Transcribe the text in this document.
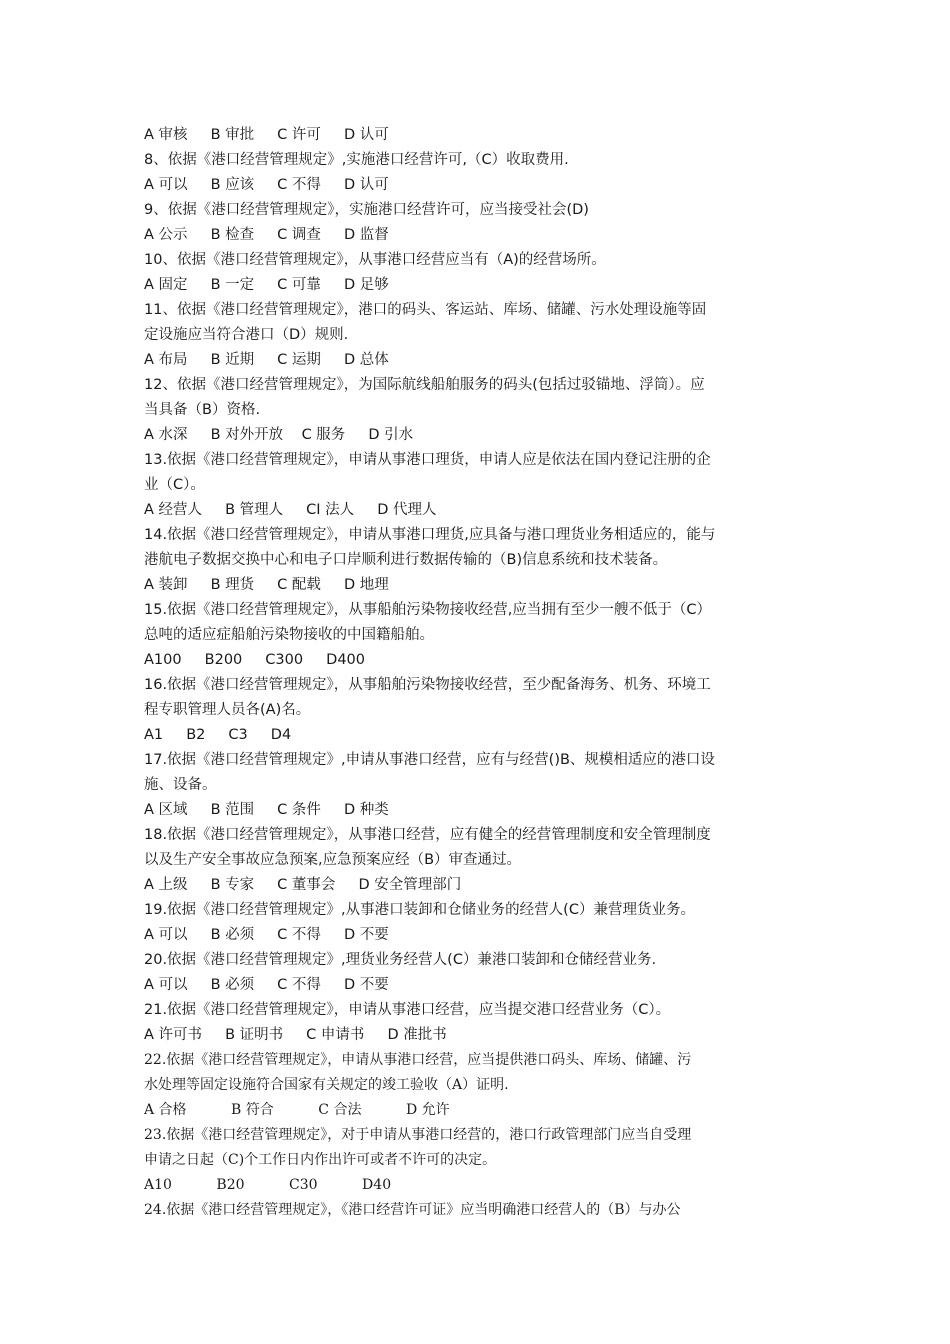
A 审核     B 审批     C 许可     D 认可
8、依据《港口经营管理规定》,实施港口经营许可,（C）收取费用.
A 可以     B 应该     C 不得     D 认可
9、依据《港口经营管理规定》，实施港口经营许可，应当接受社会(D)
A 公示     B 检查     C 调查     D 监督
10、依据《港口经营管理规定》，从事港口经营应当有（A)的经营场所。
A 固定     B 一定     C 可靠     D 足够
11、依据《港口经营管理规定》，港口的码头、客运站、库场、储罐、污水处理设施等固
定设施应当符合港口（D）规则.
A 布局     B 近期     C 运期     D 总体
12、依据《港口经营管理规定》，为国际航线船舶服务的码头(包括过驳锚地、浮筒）。应
当具备（B）资格.
A 水深     B 对外开放    C 服务     D 引水
13.依据《港口经营管理规定》，申请从事港口理货，申请人应是依法在国内登记注册的企
业（C）。
A 经营人     B 管理人     CI 法人     D 代理人
14.依据《港口经营管理规定》，申请从事港口理货,应具备与港口理货业务相适应的，能与
港航电子数据交换中心和电子口岸顺利进行数据传输的（B)信息系统和技术装备。
A 装卸     B 理货     C 配载     D 地理
15.依据《港口经营管理规定》，从事船舶污染物接收经营,应当拥有至少一艘不低于（C）
总吨的适应症船舶污染物接收的中国籍船舶。
A100     B200     C300     D400
16.依据《港口经营管理规定》，从事船舶污染物接收经营，至少配备海务、机务、环境工
程专职管理人员各(A)名。
A1     B2     C3     D4
17.依据《港口经营管理规定》,申请从事港口经营，应有与经营()B、规模相适应的港口设
施、设备。
A 区域     B 范围     C 条件     D 种类
18.依据《港口经营管理规定》，从事港口经营，应有健全的经营管理制度和安全管理制度
以及生产安全事故应急预案,应急预案应经（B）审查通过。
A 上级     B 专家     C 董事会     D 安全管理部门
19.依据《港口经营管理规定》,从事港口装卸和仓储业务的经营人(C）兼营理货业务。
A 可以     B 必须     C 不得     D 不要
20.依据《港口经营管理规定》,理货业务经营人(C）兼港口装卸和仓储经营业务.
A 可以     B 必须     C 不得     D 不要
21.依据《港口经营管理规定》，申请从事港口经营，应当提交港口经营业务（C）。
A 许可书     B 证明书     C 申请书     D 准批书
22.依据《港口经营管理规定》，申请从事港口经营，应当提供港口码头、库场、储罐、污
水处理等固定设施符合国家有关规定的竣工验收（A）证明.
A 合格          B 符合          C 合法          D 允许
23.依据《港口经营管理规定》，对于申请从事港口经营的，港口行政管理部门应当自受理
申请之日起（C)个工作日内作出许可或者不许可的决定。
A10          B20          C30          D40
24.依据《港口经营管理规定》，《港口经营许可证》应当明确港口经营人的（B）与办公
